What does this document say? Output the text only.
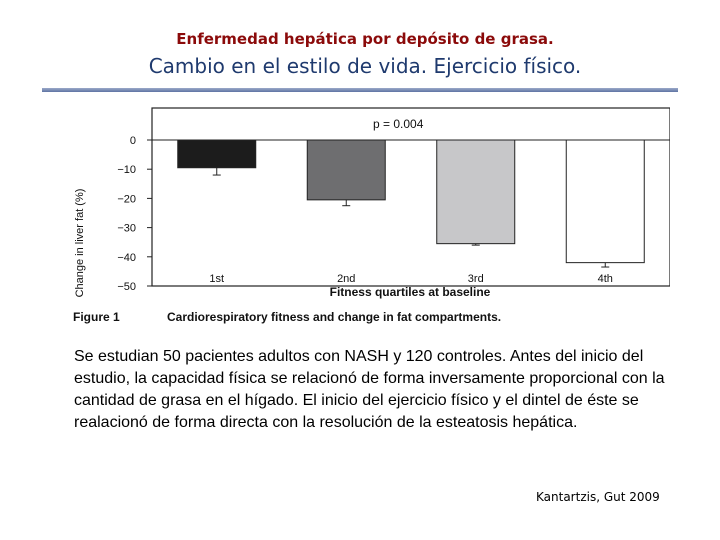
Enfermedad hepática por depósito de grasa.
Cambio en el estilo de vida. Ejercicio físico.
0
−10
−20
−30
−40
−50
1st	2nd	3rd	4th
Change in liver fat (%)	Fitness quartiles at baseline
p = 0.004
Figure 1	Cardiorespiratory fitness and change in fat compartments.
Se estudian 50 pacientes adultos con NASH y 120 controles. Antes del inicio del estudio, la capacidad física se relacionó de forma inversamente proporcional con la cantidad de grasa en el hígado. El inicio del ejercicio físico y el dintel de éste se realacionó de forma directa con la resolución de la esteatosis hepática.
Kantartzis, Gut 2009
